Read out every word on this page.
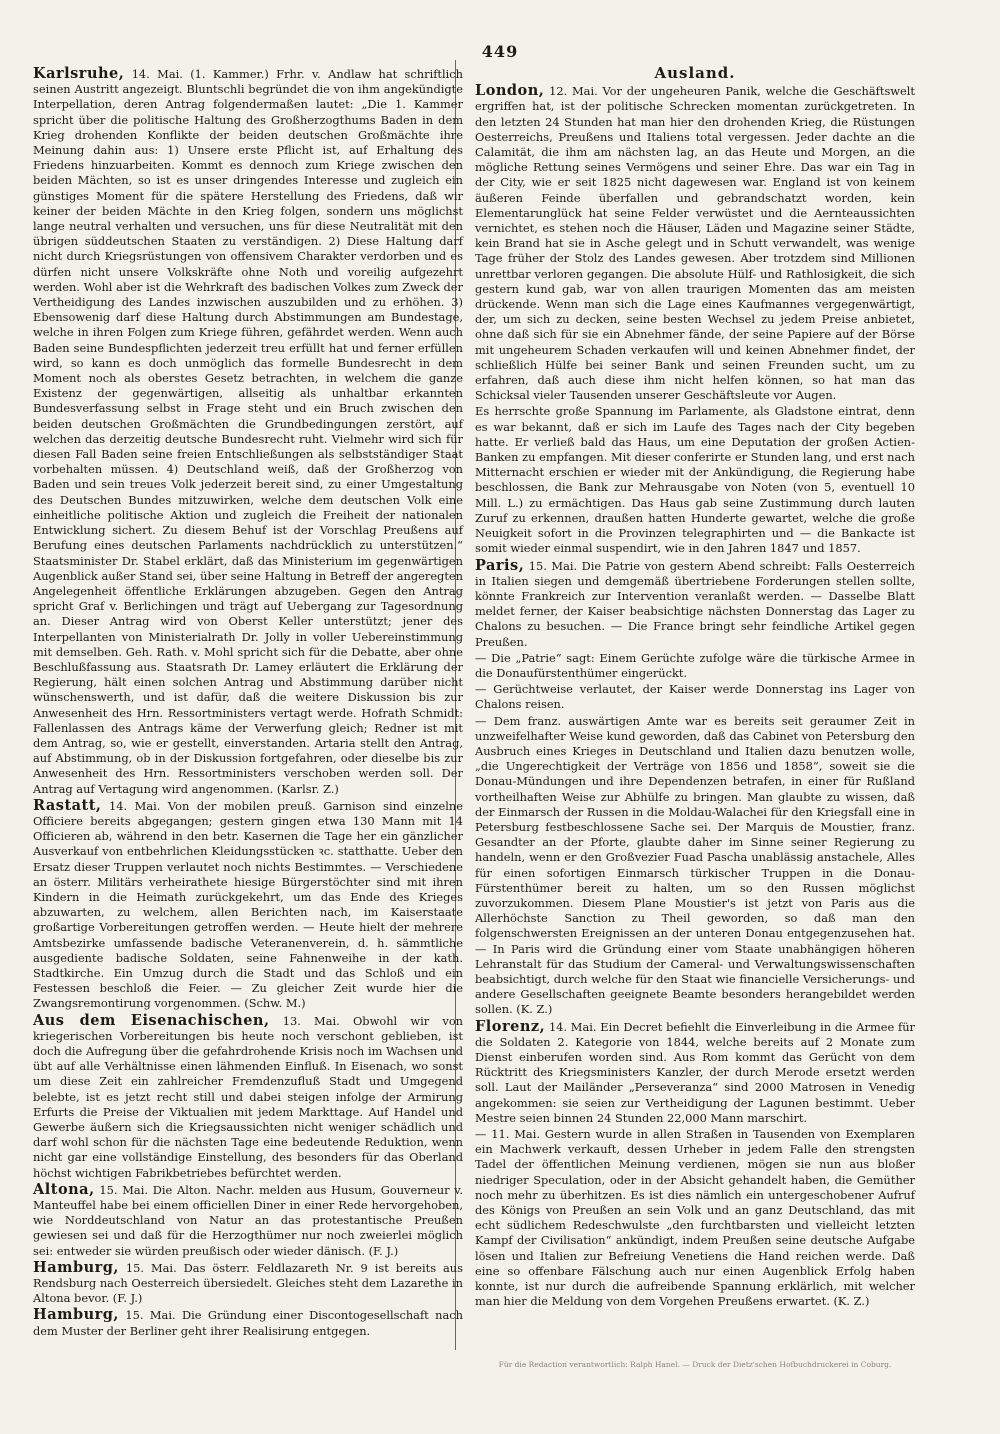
449

Karlsruhe, 14. Mai. (1. Kammer.) Frhr. v. Andlaw hat schriftlich seinen Austritt angezeigt. Bluntschli begründet die von ihm angekündigte Interpellation, deren Antrag folgendermaßen lautet: „Die 1. Kammer spricht über die politische Haltung des Großherzogthums Baden in dem Krieg drohenden Konflikte der beiden deutschen Großmächte ihre Meinung dahin aus: 1) Unsere erste Pflicht ist, auf Erhaltung des Friedens hinzuarbeiten. Kommt es dennoch zum Kriege zwischen den beiden Mächten, so ist es unser dringendes Interesse und zugleich ein günstiges Moment für die spätere Herstellung des Friedens, daß wir keiner der beiden Mächte in den Krieg folgen, sondern uns möglichst lange neutral verhalten und versuchen, uns für diese Neutralität mit den übrigen süddeutschen Staaten zu verständigen. 2) Diese Haltung darf nicht durch Kriegsrüstungen von offensivem Charakter verdorben und es dürfen nicht unsere Volkskräfte ohne Noth und voreilig aufgezehrt werden. Wohl aber ist die Wehrkraft des badischen Volkes zum Zweck der Vertheidigung des Landes inzwischen auszubilden und zu erhöhen. 3) Ebensowenig darf diese Haltung durch Abstimmungen am Bundestage, welche in ihren Folgen zum Kriege führen, gefährdet werden. Wenn auch Baden seine Bundespflichten jederzeit treu erfüllt hat und ferner erfüllen wird, so kann es doch unmöglich das formelle Bundesrecht in dem Moment noch als oberstes Gesetz betrachten, in welchem die ganze Existenz der gegenwärtigen, allseitig als unhaltbar erkannten Bundesverfassung selbst in Frage steht und ein Bruch zwischen den beiden deutschen Großmächten die Grundbedingungen zerstört, auf welchen das derzeitig deutsche Bundesrecht ruht. Vielmehr wird sich für diesen Fall Baden seine freien Entschließungen als selbstständiger Staat vorbehalten müssen. 4) Deutschland weiß, daß der Großherzog von Baden und sein treues Volk jederzeit bereit sind, zu einer Umgestaltung des Deutschen Bundes mitzuwirken, welche dem deutschen Volk eine einheitliche politische Aktion und zugleich die Freiheit der nationalen Entwicklung sichert. Zu diesem Behuf ist der Vorschlag Preußens auf Berufung eines deutschen Parlaments nachdrücklich zu unterstützen.“ Staatsminister Dr. Stabel erklärt, daß das Ministerium im gegenwärtigen Augenblick außer Stand sei, über seine Haltung in Betreff der angeregten Angelegenheit öffentliche Erklärungen abzugeben. Gegen den Antrag spricht Graf v. Berlichingen und trägt auf Uebergang zur Tagesordnung an. Dieser Antrag wird von Oberst Keller unterstützt; jener des Interpellanten von Ministerialrath Dr. Jolly in voller Uebereinstimmung mit demselben. Geh. Rath. v. Mohl spricht sich für die Debatte, aber ohne Beschlußfassung aus. Staatsrath Dr. Lamey erläutert die Erklärung der Regierung, hält einen solchen Antrag und Abstimmung darüber nicht wünschenswerth, und ist dafür, daß die weitere Diskussion bis zur Anwesenheit des Hrn. Ressortministers vertagt werde. Hofrath Schmidt: Fallenlassen des Antrags käme der Verwerfung gleich; Redner ist mit dem Antrag, so, wie er gestellt, einverstanden. Artaria stellt den Antrag, auf Abstimmung, ob in der Diskussion fortgefahren, oder dieselbe bis zur Anwesenheit des Hrn. Ressortministers verschoben werden soll. Der Antrag auf Vertagung wird angenommen. (Karlsr. Z.)

Rastatt, 14. Mai. Von der mobilen preuß. Garnison sind einzelne Officiere bereits abgegangen; gestern gingen etwa 130 Mann mit 14 Officieren ab, während in den betr. Kasernen die Tage her ein gänzlicher Ausverkauf von entbehrlichen Kleidungsstücken ꝛc. statthatte. Ueber den Ersatz dieser Truppen verlautet noch nichts Bestimmtes. — Verschiedene an österr. Militärs verheirathete hiesige Bürgerstöchter sind mit ihren Kindern in die Heimath zurückgekehrt, um das Ende des Krieges abzuwarten, zu welchem, allen Berichten nach, im Kaiserstaate großartige Vorbereitungen getroffen werden. — Heute hielt der mehrere Amtsbezirke umfassende badische Veteranenverein, d. h. sämmtliche ausgediente badische Soldaten, seine Fahnenweihe in der kath. Stadtkirche. Ein Umzug durch die Stadt und das Schloß und ein Festessen beschloß die Feier. — Zu gleicher Zeit wurde hier die Zwangsremontirung vorgenommen. (Schw. M.)

Aus dem Eisenachischen, 13. Mai. Obwohl wir von kriegerischen Vorbereitungen bis heute noch verschont geblieben, ist doch die Aufregung über die gefahrdrohende Krisis noch im Wachsen und übt auf alle Verhältnisse einen lähmenden Einfluß. In Eisenach, wo sonst um diese Zeit ein zahlreicher Fremdenzufluß Stadt und Umgegend belebte, ist es jetzt recht still und dabei steigen infolge der Armirung Erfurts die Preise der Viktualien mit jedem Markttage. Auf Handel und Gewerbe äußern sich die Kriegsaussichten nicht weniger schädlich und darf wohl schon für die nächsten Tage eine bedeutende Reduktion, wenn nicht gar eine vollständige Einstellung, des besonders für das Oberland höchst wichtigen Fabrikbetriebes befürchtet werden.

Altona, 15. Mai. Die Alton. Nachr. melden aus Husum, Gouverneur v. Manteuffel habe bei einem officiellen Diner in einer Rede hervorgehoben, wie Norddeutschland von Natur an das protestantische Preußen gewiesen sei und daß für die Herzogthümer nur noch zweierlei möglich sei: entweder sie würden preußisch oder wieder dänisch. (F. J.)

Hamburg, 15. Mai. Das österr. Feldlazareth Nr. 9 ist bereits aus Rendsburg nach Oesterreich übersiedelt. Gleiches steht dem Lazarethe in Altona bevor. (F. J.)

Hamburg, 15. Mai. Die Gründung einer Discontogesellschaft nach dem Muster der Berliner geht ihrer Realisirung entgegen.

Ausland.

London, 12. Mai. Vor der ungeheuren Panik, welche die Geschäftswelt ergriffen hat, ist der politische Schrecken momentan zurückgetreten. In den letzten 24 Stunden hat man hier den drohenden Krieg, die Rüstungen Oesterreichs, Preußens und Italiens total vergessen. Jeder dachte an die Calamität, die ihm am nächsten lag, an das Heute und Morgen, an die mögliche Rettung seines Vermögens und seiner Ehre. Das war ein Tag in der City, wie er seit 1825 nicht dagewesen war. England ist von keinem äußeren Feinde überfallen und gebrandschatzt worden, kein Elementarunglück hat seine Felder verwüstet und die Aernteaussichten vernichtet, es stehen noch die Häuser, Läden und Magazine seiner Städte, kein Brand hat sie in Asche gelegt und in Schutt verwandelt, was wenige Tage früher der Stolz des Landes gewesen. Aber trotzdem sind Millionen unrettbar verloren gegangen. Die absolute Hülf- und Rathlosigkeit, die sich gestern kund gab, war von allen traurigen Momenten das am meisten drückende. Wenn man sich die Lage eines Kaufmannes vergegenwärtigt, der, um sich zu decken, seine besten Wechsel zu jedem Preise anbietet, ohne daß sich für sie ein Abnehmer fände, der seine Papiere auf der Börse mit ungeheurem Schaden verkaufen will und keinen Abnehmer findet, der schließlich Hülfe bei seiner Bank und seinen Freunden sucht, um zu erfahren, daß auch diese ihm nicht helfen können, so hat man das Schicksal vieler Tausenden unserer Geschäftsleute vor Augen.

Es herrschte große Spannung im Parlamente, als Gladstone eintrat, denn es war bekannt, daß er sich im Laufe des Tages nach der City begeben hatte. Er verließ bald das Haus, um eine Deputation der großen Actien-Banken zu empfangen. Mit dieser conferirte er Stunden lang, und erst nach Mitternacht erschien er wieder mit der Ankündigung, die Regierung habe beschlossen, die Bank zur Mehrausgabe von Noten (von 5, eventuell 10 Mill. L.) zu ermächtigen. Das Haus gab seine Zustimmung durch lauten Zuruf zu erkennen, draußen hatten Hunderte gewartet, welche die große Neuigkeit sofort in die Provinzen telegraphirten und — die Bankacte ist somit wieder einmal suspendirt, wie in den Jahren 1847 und 1857.

Paris, 15. Mai. Die Patrie von gestern Abend schreibt: Falls Oesterreich in Italien siegen und demgemäß übertriebene Forderungen stellen sollte, könnte Frankreich zur Intervention veranlaßt werden. — Dasselbe Blatt meldet ferner, der Kaiser beabsichtige nächsten Donnerstag das Lager zu Chalons zu besuchen. — Die France bringt sehr feindliche Artikel gegen Preußen.

— Die „Patrie“ sagt: Einem Gerüchte zufolge wäre die türkische Armee in die Donaufürstenthümer eingerückt.

— Gerüchtweise verlautet, der Kaiser werde Donnerstag ins Lager von Chalons reisen.

— Dem franz. auswärtigen Amte war es bereits seit geraumer Zeit in unzweifelhafter Weise kund geworden, daß das Cabinet von Petersburg den Ausbruch eines Krieges in Deutschland und Italien dazu benutzen wolle, „die Ungerechtigkeit der Verträge von 1856 und 1858“, soweit sie die Donau-Mündungen und ihre Dependenzen betrafen, in einer für Rußland vortheilhaften Weise zur Abhülfe zu bringen. Man glaubte zu wissen, daß der Einmarsch der Russen in die Moldau-Walachei für den Kriegsfall eine in Petersburg festbeschlossene Sache sei. Der Marquis de Moustier, franz. Gesandter an der Pforte, glaubte daher im Sinne seiner Regierung zu handeln, wenn er den Großvezier Fuad Pascha unablässig anstachele, Alles für einen sofortigen Einmarsch türkischer Truppen in die Donau-Fürstenthümer bereit zu halten, um so den Russen möglichst zuvorzukommen. Diesem Plane Moustier's ist jetzt von Paris aus die Allerhöchste Sanction zu Theil geworden, so daß man den folgenschwersten Ereignissen an der unteren Donau entgegenzusehen hat. — In Paris wird die Gründung einer vom Staate unabhängigen höheren Lehranstalt für das Studium der Cameral- und Verwaltungswissenschaften beabsichtigt, durch welche für den Staat wie financielle Versicherungs- und andere Gesellschaften geeignete Beamte besonders herangebildet werden sollen. (K. Z.)

Florenz, 14. Mai. Ein Decret befiehlt die Einverleibung in die Armee für die Soldaten 2. Kategorie von 1844, welche bereits auf 2 Monate zum Dienst einberufen worden sind. Aus Rom kommt das Gerücht von dem Rücktritt des Kriegsministers Kanzler, der durch Merode ersetzt werden soll. Laut der Mailänder „Perseveranza“ sind 2000 Matrosen in Venedig angekommen: sie seien zur Vertheidigung der Lagunen bestimmt. Ueber Mestre seien binnen 24 Stunden 22,000 Mann marschirt.

— 11. Mai. Gestern wurde in allen Straßen in Tausenden von Exemplaren ein Machwerk verkauft, dessen Urheber in jedem Falle den strengsten Tadel der öffentlichen Meinung verdienen, mögen sie nun aus bloßer niedriger Speculation, oder in der Absicht gehandelt haben, die Gemüther noch mehr zu überhitzen. Es ist dies nämlich ein untergeschobener Aufruf des Königs von Preußen an sein Volk und an ganz Deutschland, das mit echt südlichem Redeschwulste „den furchtbarsten und vielleicht letzten Kampf der Civilisation“ ankündigt, indem Preußen seine deutsche Aufgabe lösen und Italien zur Befreiung Venetiens die Hand reichen werde. Daß eine so offenbare Fälschung auch nur einen Augenblick Erfolg haben konnte, ist nur durch die aufreibende Spannung erklärlich, mit welcher man hier die Meldung von dem Vorgehen Preußens erwartet. (K. Z.)

Für die Redaction verantwortlich: Ralph Hanel. — Druck der Dietz'schen Hofbuchdruckerei in Coburg.
